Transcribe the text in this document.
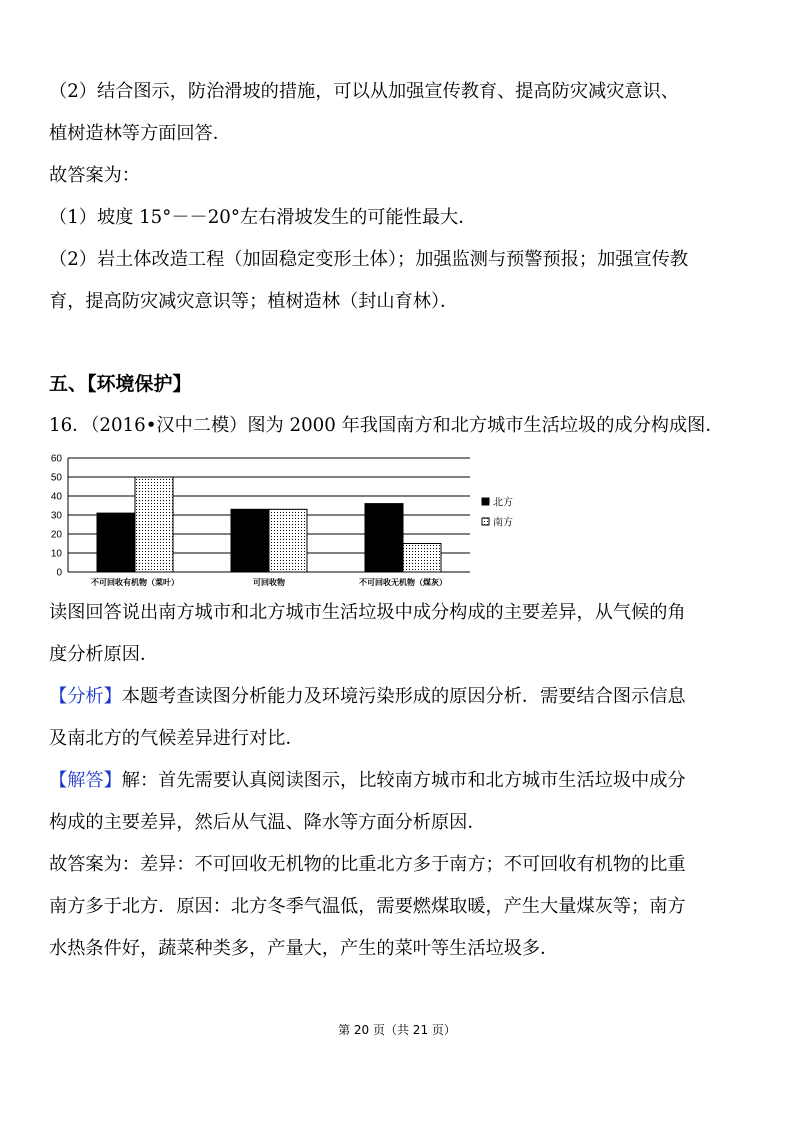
（2）结合图示，防治滑坡的措施，可以从加强宣传教育、提高防灾减灾意识、
植树造林等方面回答．
故答案为：
（1）坡度 15°－－20°左右滑坡发生的可能性最大．
（2）岩土体改造工程（加固稳定变形土体）；加强监测与预警预报；加强宣传教
育，提高防灾减灾意识等；植树造林（封山育林）．
五、【环境保护】
16．（2016•汉中二模）图为 2000 年我国南方和北方城市生活垃圾的成分构成图．
0
10
20
30
40
50
60
不可回收有机物（菜叶）	可回收物	不可回收无机物（煤灰）
北方
南方
读图回答说出南方城市和北方城市生活垃圾中成分构成的主要差异，从气候的角
度分析原因．
【分析】本题考查读图分析能力及环境污染形成的原因分析．需要结合图示信息
及南北方的气候差异进行对比．
【解答】解：首先需要认真阅读图示，比较南方城市和北方城市生活垃圾中成分
构成的主要差异，然后从气温、降水等方面分析原因．
故答案为：差异：不可回收无机物的比重北方多于南方；不可回收有机物的比重
南方多于北方．原因：北方冬季气温低，需要燃煤取暖，产生大量煤灰等；南方
水热条件好，蔬菜种类多，产量大，产生的菜叶等生活垃圾多．
第 20 页（共 21 页）
